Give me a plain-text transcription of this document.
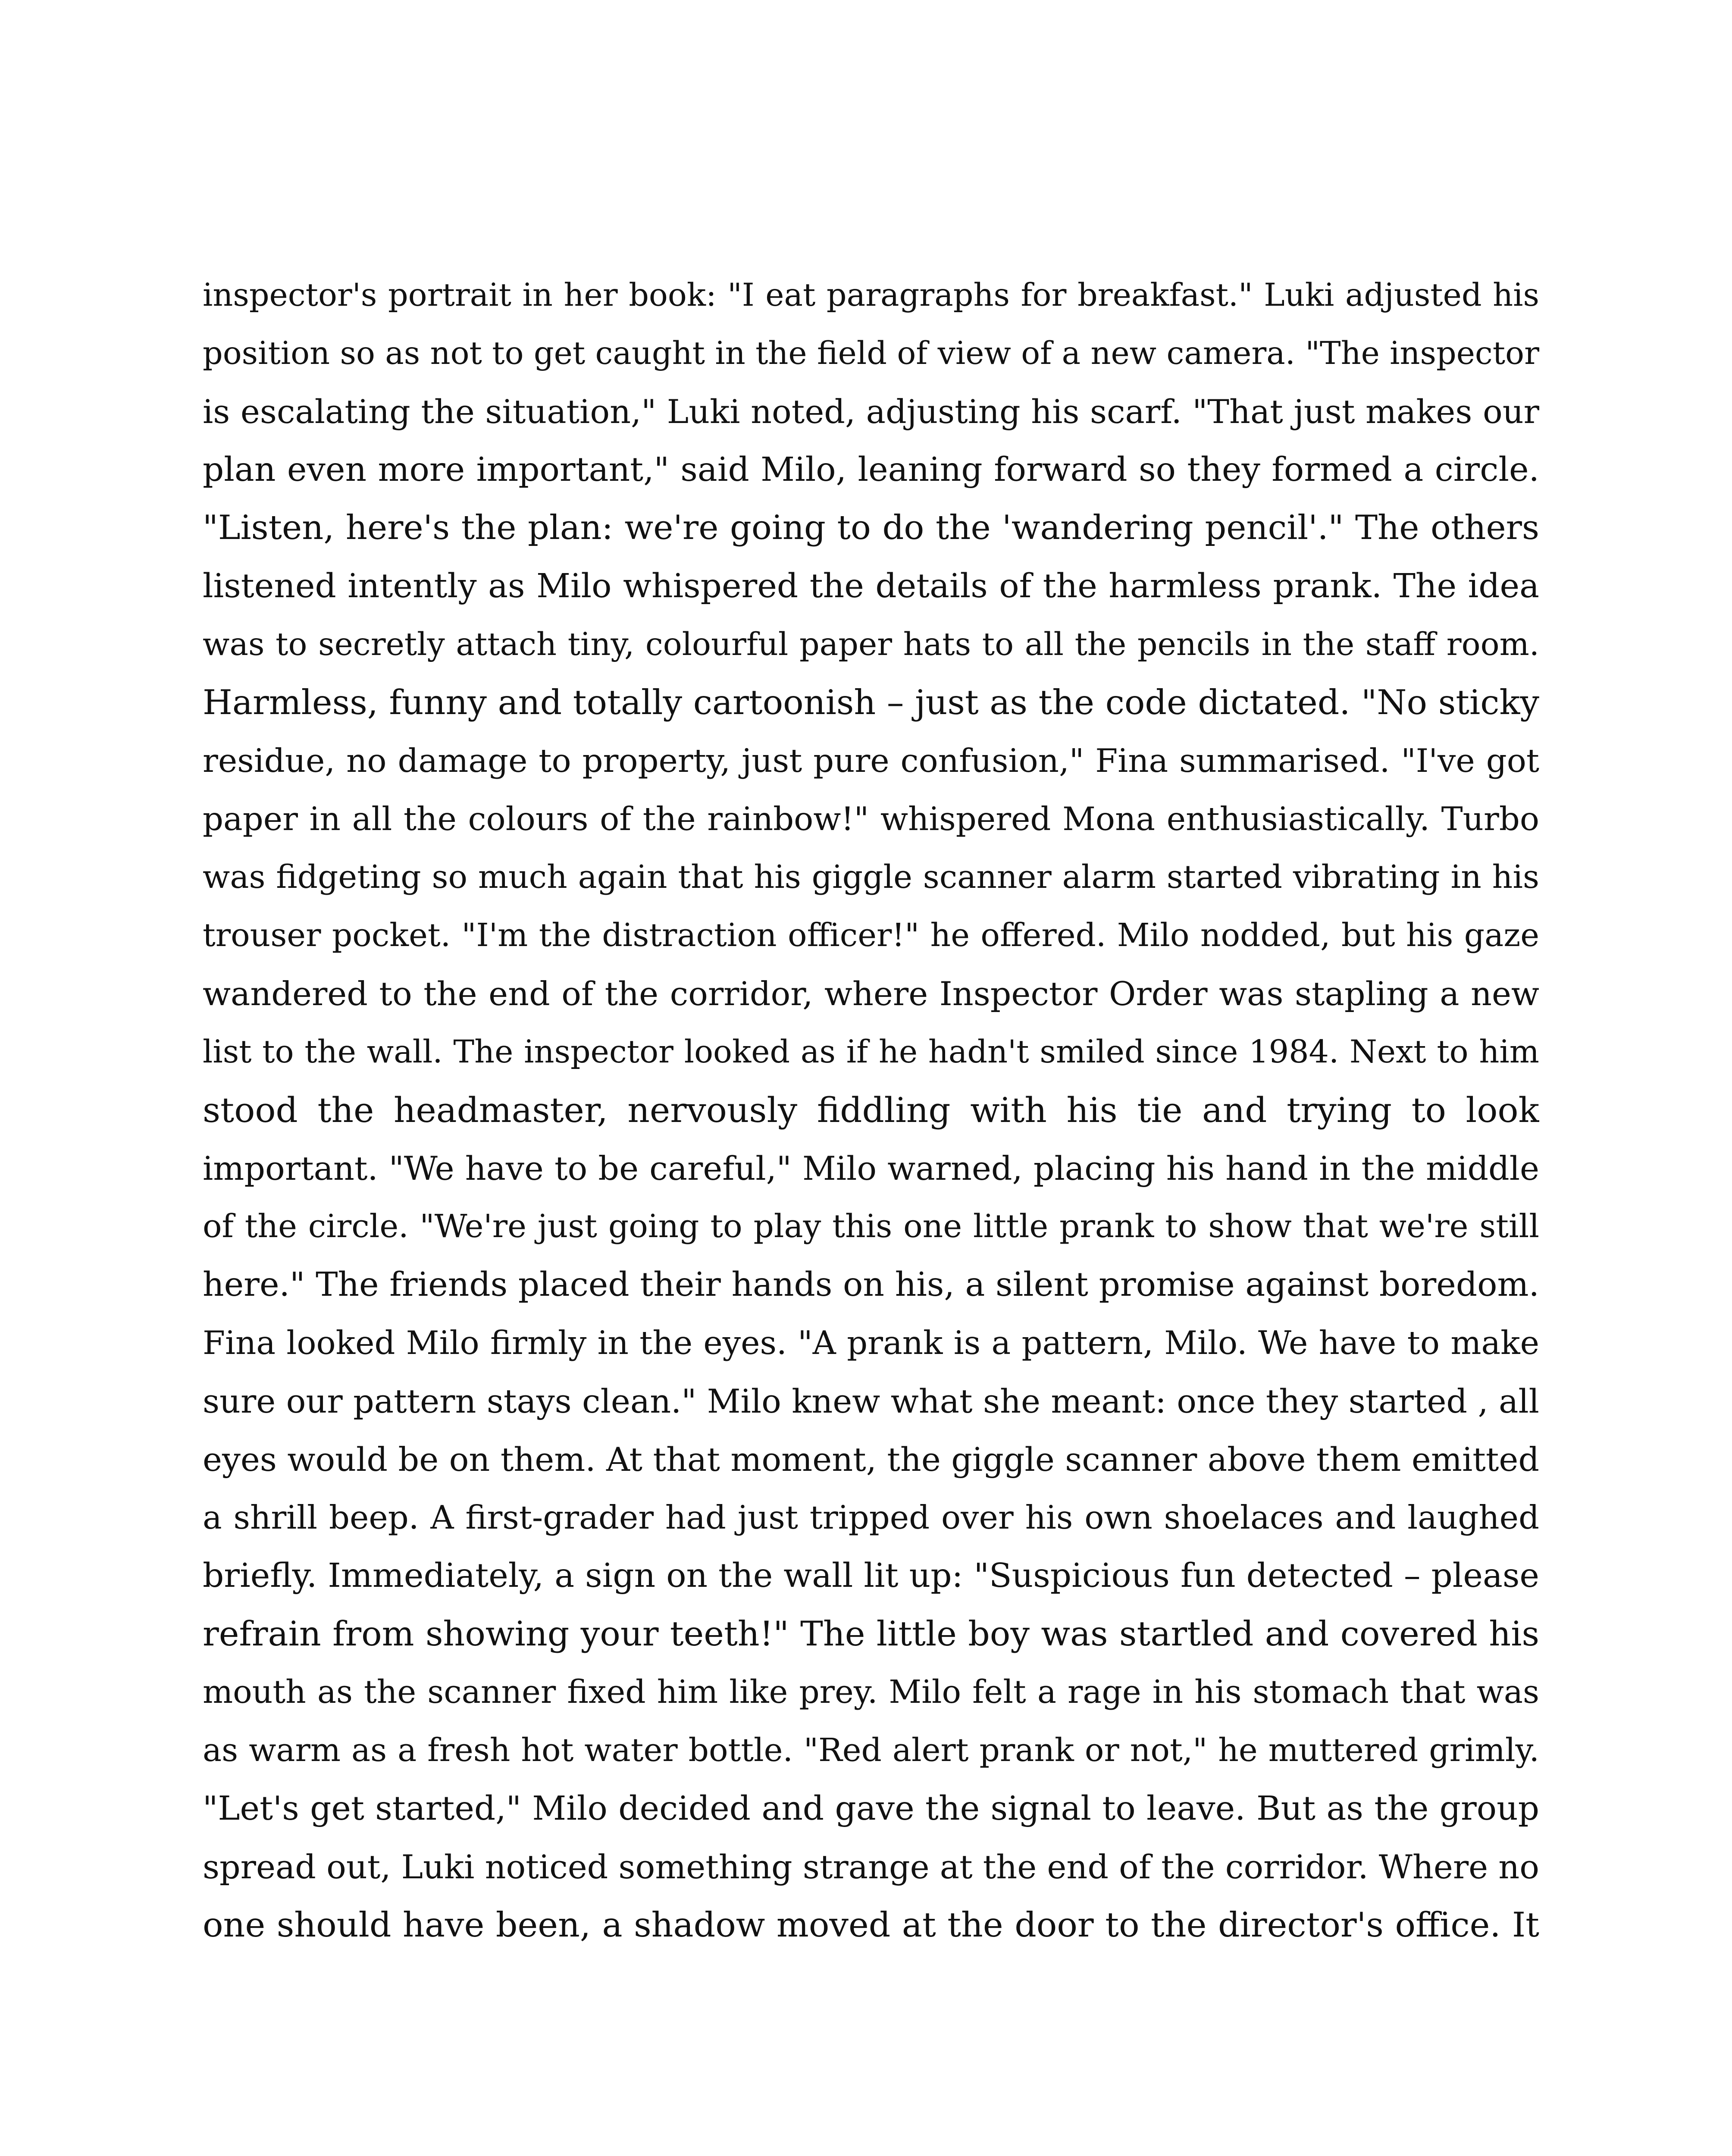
inspector's portrait in her book: "I eat paragraphs for breakfast." Luki adjusted his
position so as not to get caught in the field of view of a new camera. "The inspector
is escalating the situation," Luki noted, adjusting his scarf. "That just makes our
plan even more important," said Milo, leaning forward so they formed a circle.
"Listen, here's the plan: we're going to do the 'wandering pencil'." The others
listened intently as Milo whispered the details of the harmless prank. The idea
was to secretly attach tiny, colourful paper hats to all the pencils in the staff room.
Harmless, funny and totally cartoonish – just as the code dictated. "No sticky
residue, no damage to property, just pure confusion," Fina summarised. "I've got
paper in all the colours of the rainbow!" whispered Mona enthusiastically. Turbo
was fidgeting so much again that his giggle scanner alarm started vibrating in his
trouser pocket. "I'm the distraction officer!" he offered. Milo nodded, but his gaze
wandered to the end of the corridor, where Inspector Order was stapling a new
list to the wall. The inspector looked as if he hadn't smiled since 1984. Next to him
stood the headmaster, nervously fiddling with his tie and trying to look
important. "We have to be careful," Milo warned, placing his hand in the middle
of the circle. "We're just going to play this one little prank to show that we're still
here." The friends placed their hands on his, a silent promise against boredom.
Fina looked Milo firmly in the eyes. "A prank is a pattern, Milo. We have to make
sure our pattern stays clean." Milo knew what she meant: once they started , all
eyes would be on them. At that moment, the giggle scanner above them emitted
a shrill beep. A first-grader had just tripped over his own shoelaces and laughed
briefly. Immediately, a sign on the wall lit up: "Suspicious fun detected – please
refrain from showing your teeth!" The little boy was startled and covered his
mouth as the scanner fixed him like prey. Milo felt a rage in his stomach that was
as warm as a fresh hot water bottle. "Red alert prank or not," he muttered grimly.
"Let's get started," Milo decided and gave the signal to leave. But as the group
spread out, Luki noticed something strange at the end of the corridor. Where no
one should have been, a shadow moved at the door to the director's office. It
